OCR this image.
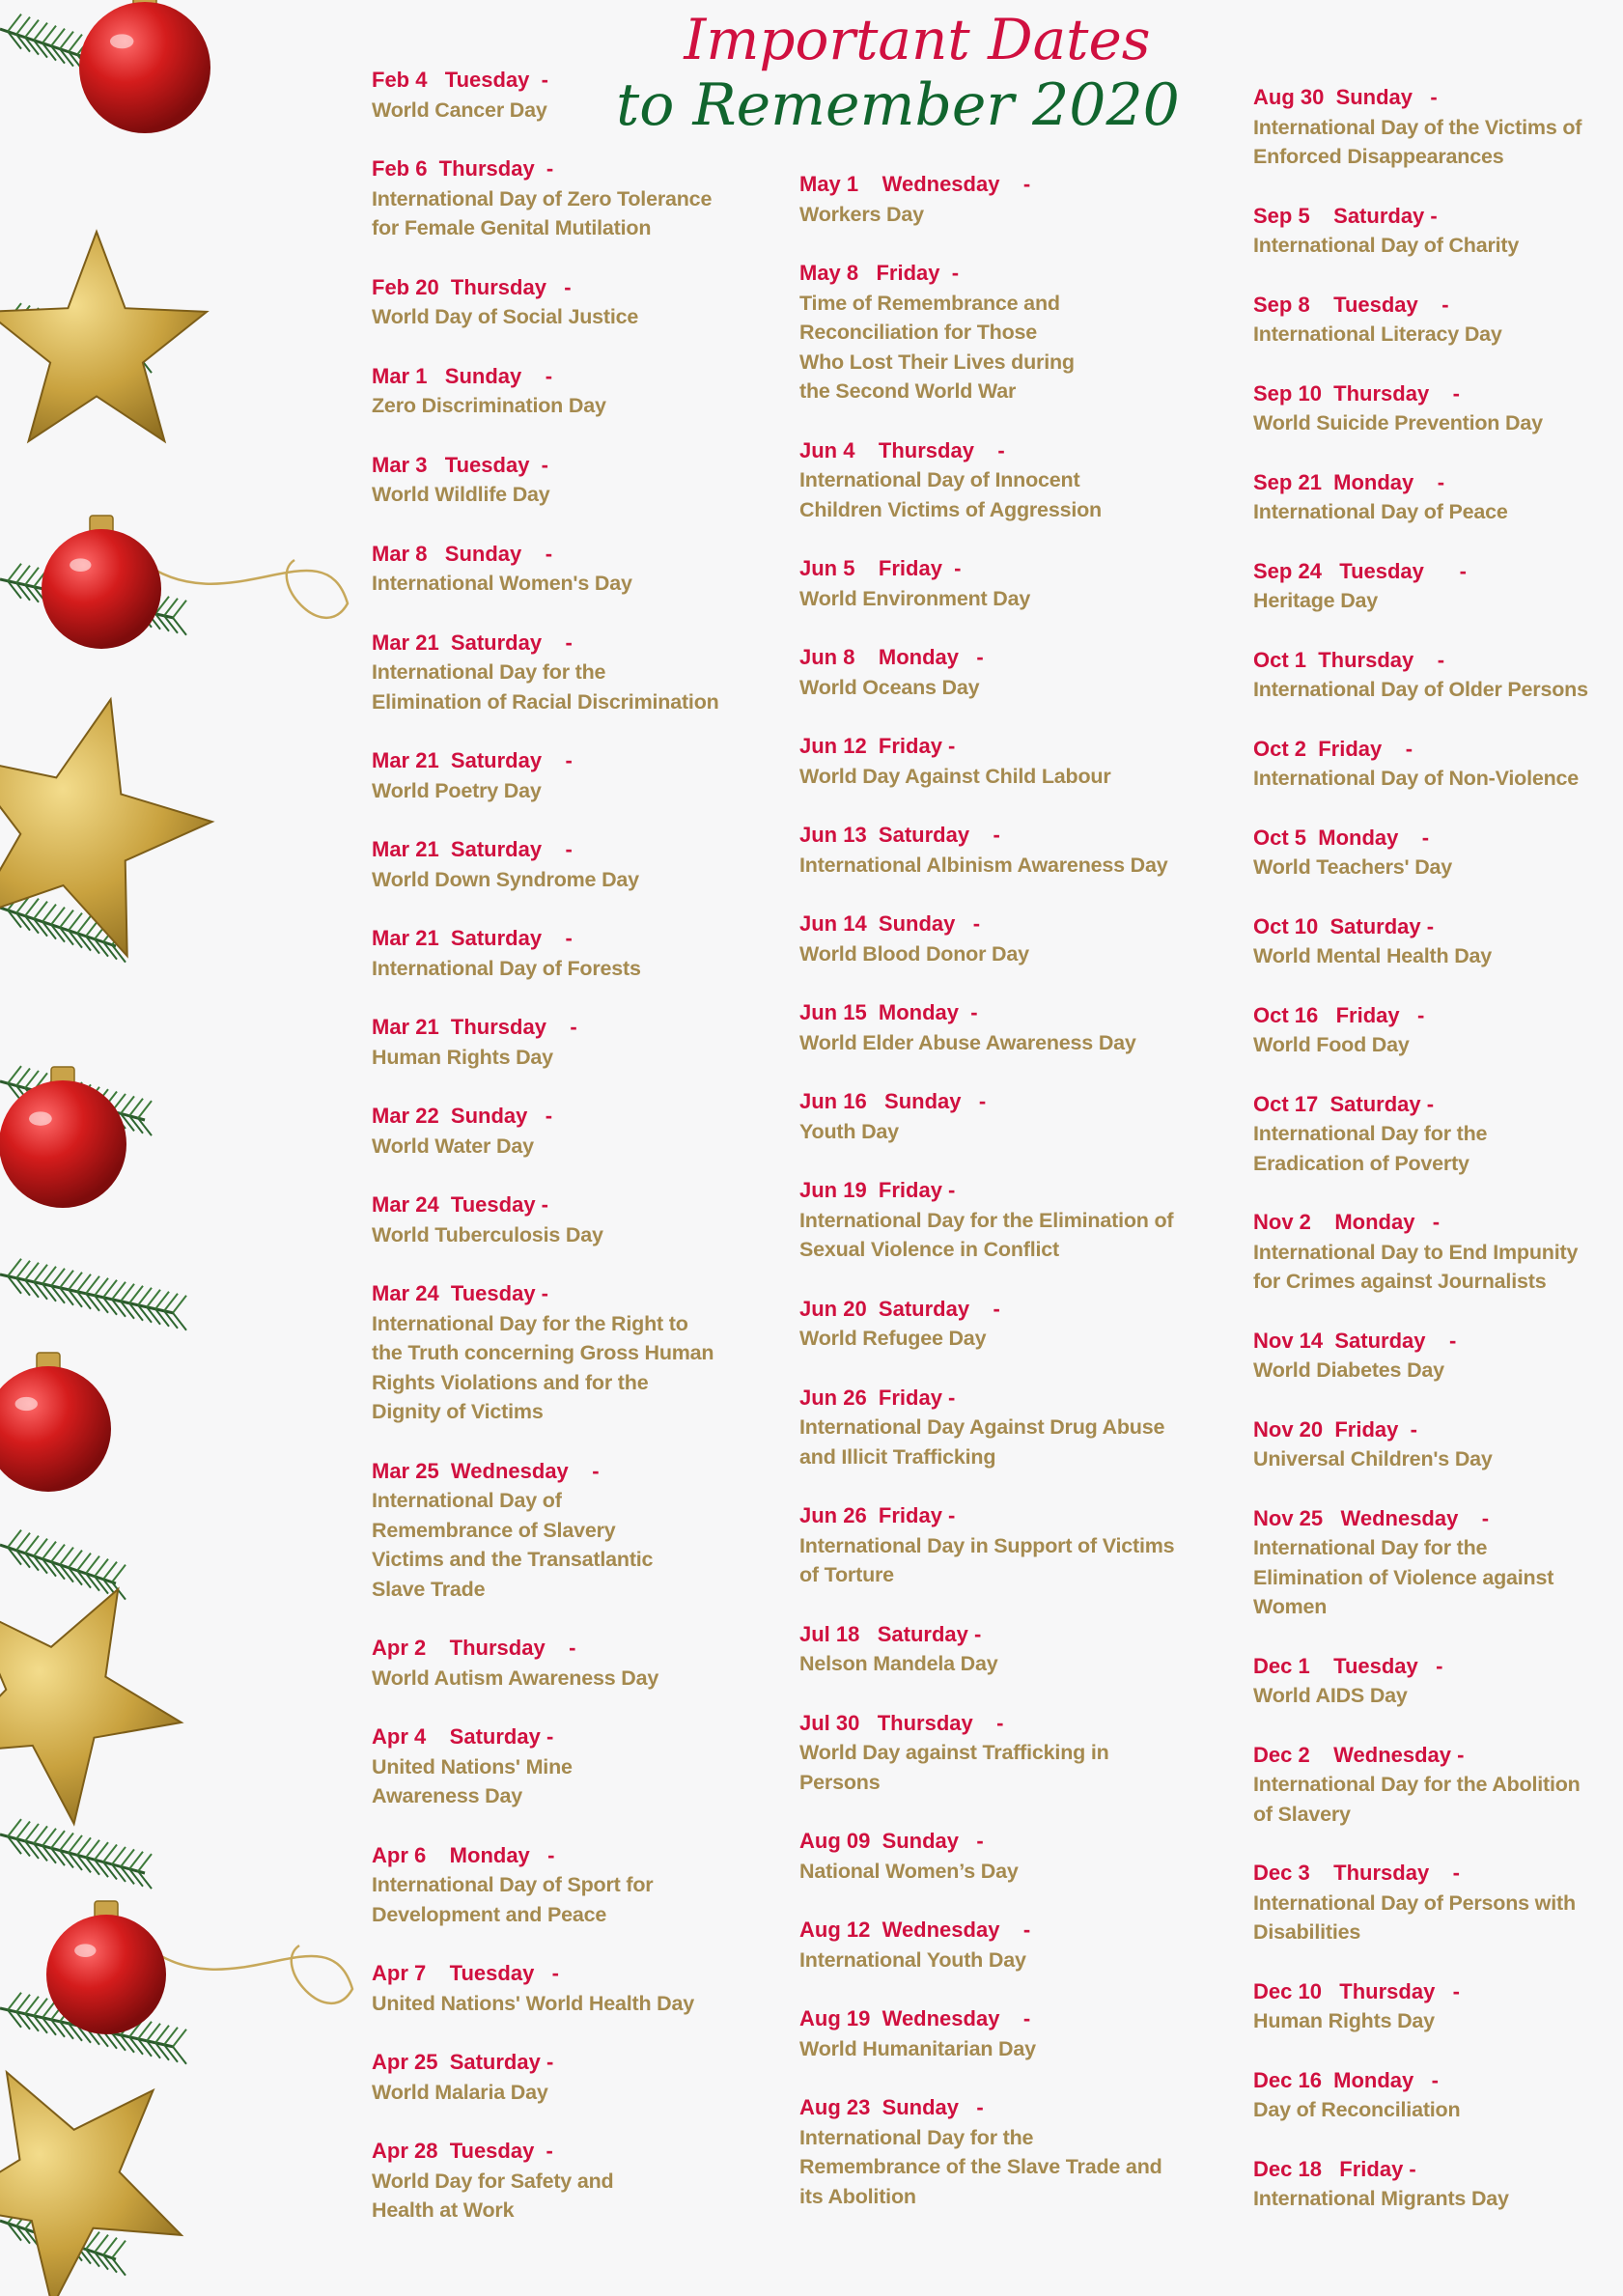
Important Dates
to Remember 2020
Feb 4   Tuesday  -
World Cancer Day
Feb 6  Thursday  -
International Day of Zero Tolerance
for Female Genital Mutilation
Feb 20  Thursday   -
World Day of Social Justice
Mar 1   Sunday    -
Zero Discrimination Day
Mar 3   Tuesday  -
World Wildlife Day
Mar 8   Sunday    -
International Women's Day
Mar 21  Saturday    -
International Day for the
Elimination of Racial Discrimination
Mar 21  Saturday    -
World Poetry Day
Mar 21  Saturday    -
World Down Syndrome Day
Mar 21  Saturday    -
International Day of Forests
Mar 21  Thursday    -
Human Rights Day
Mar 22  Sunday   -
World Water Day
Mar 24  Tuesday -
World Tuberculosis Day
Mar 24  Tuesday -
International Day for the Right to
the Truth concerning Gross Human
Rights Violations and for the
Dignity of Victims
Mar 25  Wednesday    -
International Day of
Remembrance of Slavery
Victims and the Transatlantic
Slave Trade
Apr 2    Thursday    -
World Autism Awareness Day
Apr 4    Saturday -
United Nations' Mine
Awareness Day
Apr 6    Monday   -
International Day of Sport for
Development and Peace
Apr 7    Tuesday   -
United Nations' World Health Day
Apr 25  Saturday -
World Malaria Day
Apr 28  Tuesday  -
World Day for Safety and
Health at Work
May 1    Wednesday    -
Workers Day
May 8   Friday  -
Time of Remembrance and
Reconciliation for Those
Who Lost Their Lives during
the Second World War
Jun 4    Thursday    -
International Day of Innocent
Children Victims of Aggression
Jun 5    Friday  -
World Environment Day
Jun 8    Monday   -
World Oceans Day
Jun 12  Friday -
World Day Against Child Labour
Jun 13  Saturday    -
International Albinism Awareness Day
Jun 14  Sunday   -
World Blood Donor Day
Jun 15  Monday  -
World Elder Abuse Awareness Day
Jun 16   Sunday   -
Youth Day
Jun 19  Friday -
International Day for the Elimination of
Sexual Violence in Conflict
Jun 20  Saturday    -
World Refugee Day
Jun 26  Friday -
International Day Against Drug Abuse
and Illicit Trafficking
Jun 26  Friday -
International Day in Support of Victims
of Torture
Jul 18   Saturday -
Nelson Mandela Day
Jul 30   Thursday    -
World Day against Trafficking in
Persons
Aug 09  Sunday   -
National Women’s Day
Aug 12  Wednesday    -
International Youth Day
Aug 19  Wednesday    -
World Humanitarian Day
Aug 23  Sunday   -
International Day for the
Remembrance of the Slave Trade and
its Abolition
Aug 30  Sunday   -
International Day of the Victims of
Enforced Disappearances
Sep 5    Saturday -
International Day of Charity
Sep 8    Tuesday    -
International Literacy Day
Sep 10  Thursday    -
World Suicide Prevention Day
Sep 21  Monday    -
International Day of Peace
Sep 24   Tuesday      -
Heritage Day
Oct 1  Thursday    -
International Day of Older Persons
Oct 2  Friday    -
International Day of Non-Violence
Oct 5  Monday    -
World Teachers' Day
Oct 10  Saturday -
World Mental Health Day
Oct 16   Friday   -
World Food Day
Oct 17  Saturday -
International Day for the
Eradication of Poverty
Nov 2    Monday   -
International Day to End Impunity
for Crimes against Journalists
Nov 14  Saturday    -
World Diabetes Day
Nov 20  Friday  -
Universal Children's Day
Nov 25   Wednesday    -
International Day for the
Elimination of Violence against
Women
Dec 1    Tuesday   -
World AIDS Day
Dec 2    Wednesday -
International Day for the Abolition
of Slavery
Dec 3    Thursday    -
International Day of Persons with
Disabilities
Dec 10   Thursday   -
Human Rights Day
Dec 16  Monday   -
Day of Reconciliation
Dec 18   Friday -
International Migrants Day
